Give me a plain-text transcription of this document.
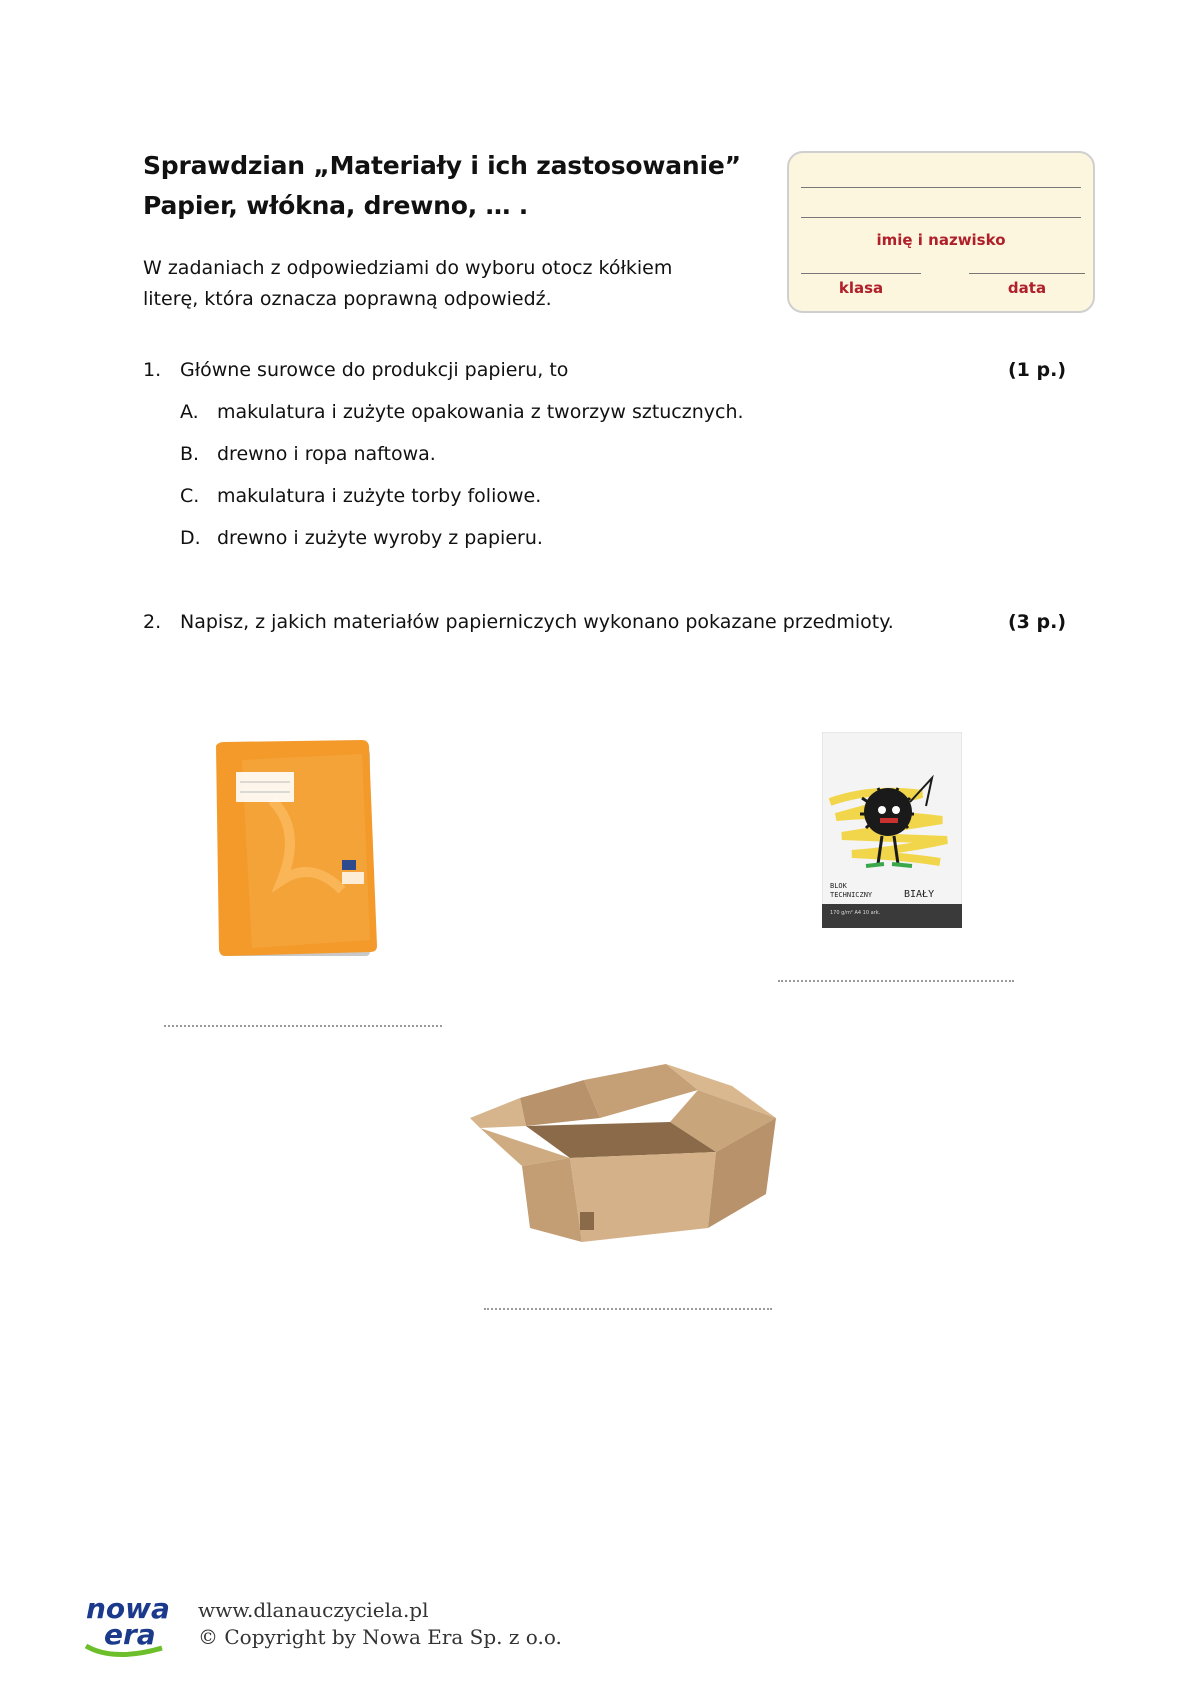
Sprawdzian „Materiały i ich zastosowanie”
Papier, włókna, drewno, … .
W zadaniach z odpowiedziami do wyboru otocz kółkiem
literę, która oznacza poprawną odpowiedź.
imię i nazwisko
klasa	data
1. Główne surowce do produkcji papieru, to	(1 p.)
A. makulatura i zużyte opakowania z tworzyw sztucznych.
B. drewno i ropa naftowa.
C. makulatura i zużyte torby foliowe.
D. drewno i zużyte wyroby z papieru.
2. Napisz, z jakich materiałów papierniczych wykonano pokazane przedmioty.	(3 p.)
BLOK
TECHNICZNY	BIAŁY
170 g/m² A4 10 ark.
nowa
era
www.dlanauczyciela.pl
© Copyright by Nowa Era Sp. z o.o.
